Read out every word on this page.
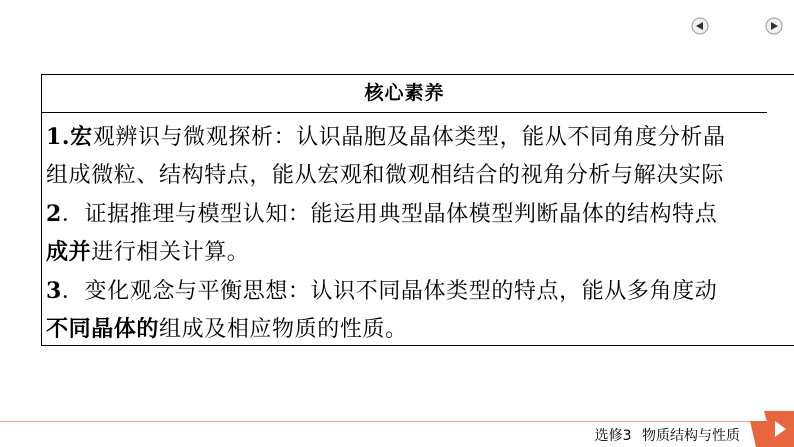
核心素养
1.宏观辨识与微观探析：认识晶胞及晶体类型，能从不同角度分析晶
组成微粒、结构特点，能从宏观和微观相结合的视角分析与解决实际
2．证据推理与模型认知：能运用典型晶体模型判断晶体的结构特点
成并进行相关计算。
3．变化观念与平衡思想：认识不同晶体类型的特点，能从多角度动
不同晶体的组成及相应物质的性质。
选修3 物质结构与性质
